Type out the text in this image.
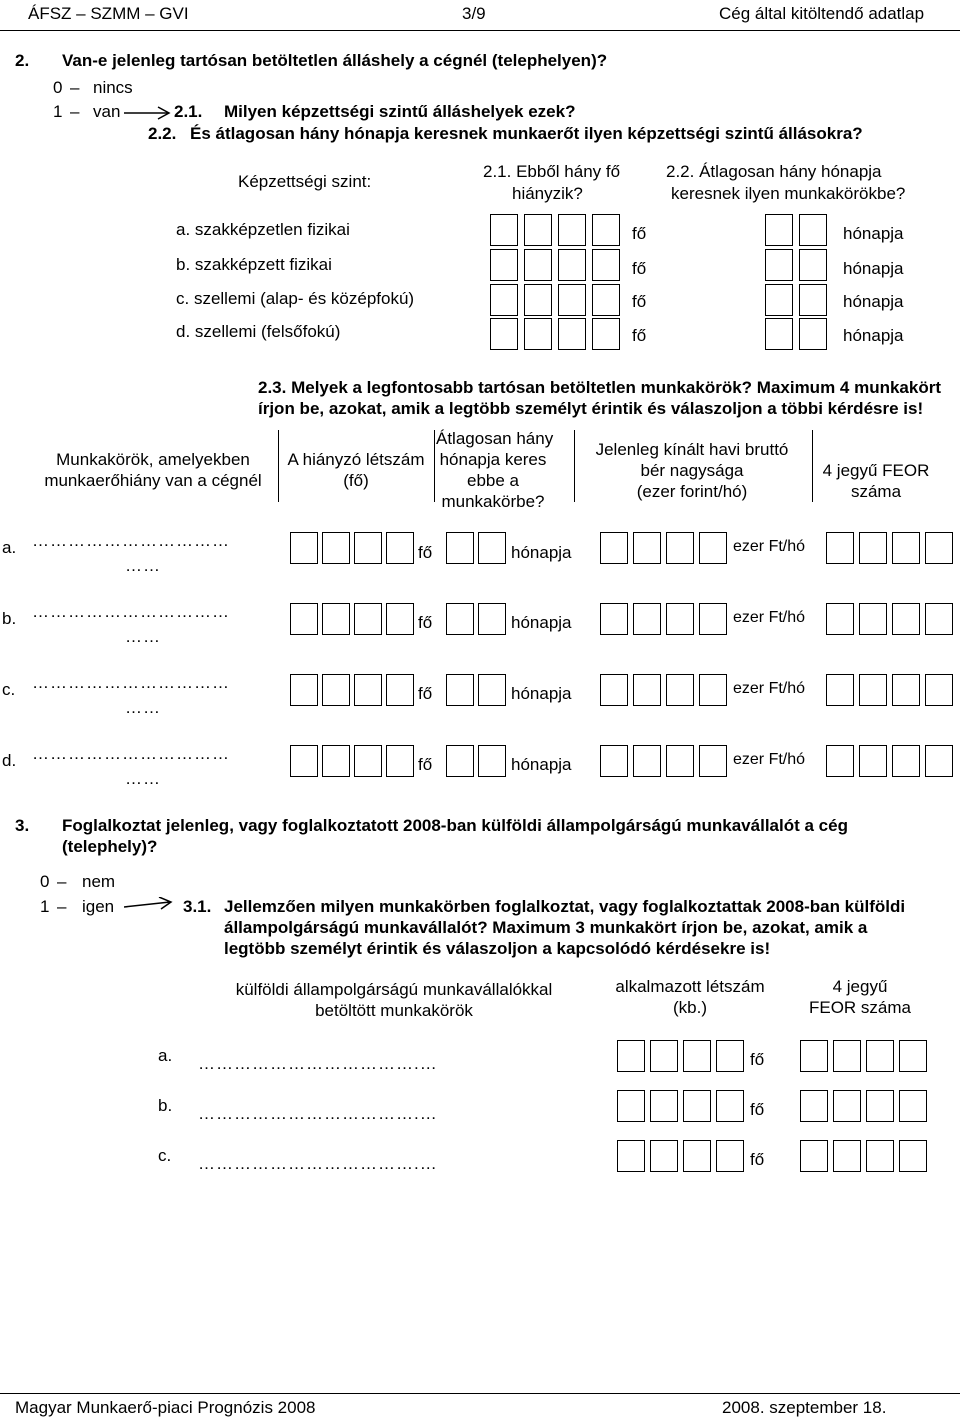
ÁFSZ – SZMM – GVI	3/9	Cég által kitöltendő adatlap
2. Van-e jelenleg tartósan betöltetlen álláshely a cégnél (telephelyen)?
0 – nincs
1 – van	2.1. Milyen képzettségi szintű álláshelyek ezek?
2.2. És átlagosan hány hónapja keresnek munkaerőt ilyen képzettségi szintű állásokra?
Képzettségi szint:
2.1. Ebből hány fő
hiányzik?
2.2. Átlagosan hány hónapja
keresnek ilyen munkakörökbe?
a. szakképzetlen fizikai	fő	hónapja
b. szakképzett fizikai	fő	hónapja
c. szellemi (alap- és középfokú)	fő	hónapja
d. szellemi (felsőfokú)	fő	hónapja
2.3. Melyek a legfontosabb tartósan betöltetlen munkakörök? Maximum 4 munkakört
írjon be, azokat, amik a legtöbb személyt érintik és válaszoljon a többi kérdésre is!
Munkakörök, amelyekben
munkaerőhiány van a cégnél
A hiányzó létszám
(fő)
Átlagosan hány
hónapja keres
ebbe a
munkakörbe?
Jelenleg kínált havi bruttó
bér nagysága
(ezer forint/hó)
4 jegyű FEOR
száma
a. ……………………………
……
fő	hónapja	ezer Ft/hó
b. ……………………………
……
fő	hónapja	ezer Ft/hó
c. ……………………………
……
fő	hónapja	ezer Ft/hó
d. ……………………………
……
fő	hónapja	ezer Ft/hó
3. Foglalkoztat jelenleg, vagy foglalkoztatott 2008-ban külföldi állampolgárságú munkavállalót a cég
(telephely)?
0 – nem
1 – igen	3.1. Jellemzően milyen munkakörben foglalkoztat, vagy foglalkoztattak 2008-ban külföldi
állampolgárságú munkavállalót? Maximum 3 munkakört írjon be, azokat, amik a
legtöbb személyt érintik és válaszoljon a kapcsolódó kérdésekre is!
külföldi állampolgárságú munkavállalókkal
betöltött munkakörök
alkalmazott létszám
(kb.)
4 jegyű
FEOR száma
a. ……………………………….…	fő
b. ……………………………….…	fő
c. ……………………………….…	fő
Magyar Munkaerő-piaci Prognózis 2008	2008. szeptember 18.
